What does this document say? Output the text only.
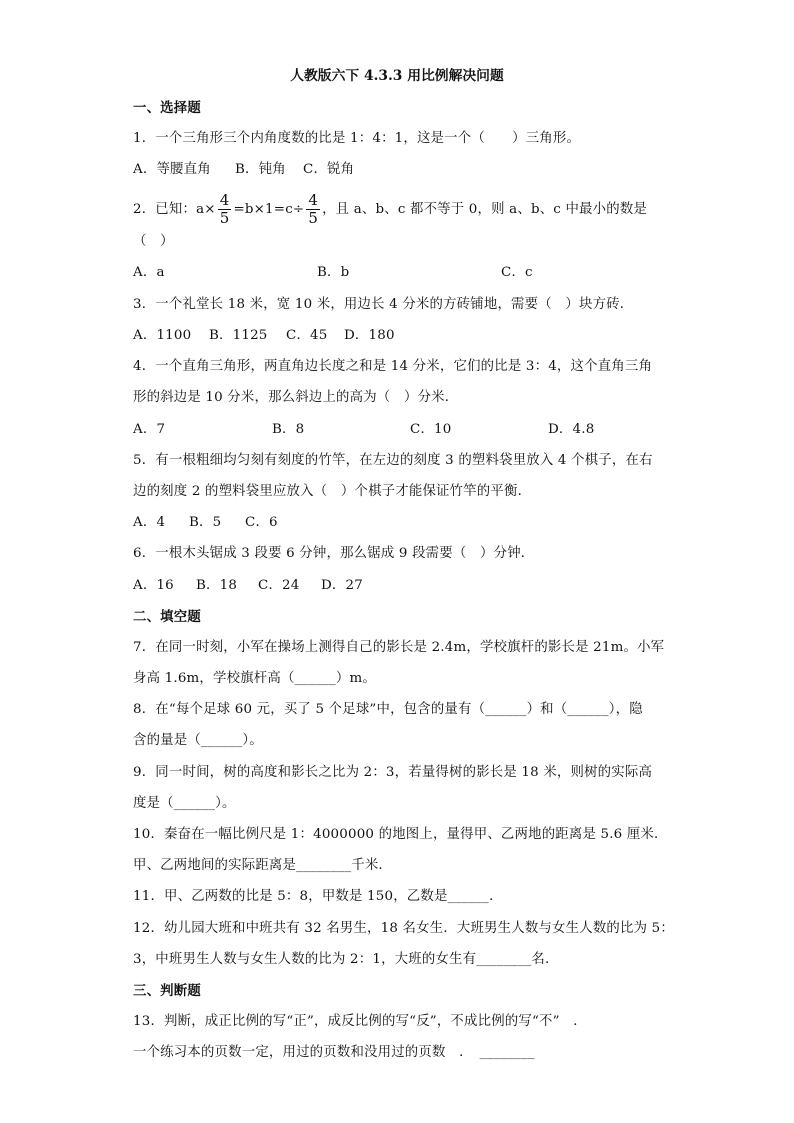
人教版六下 4.3.3 用比例解决问题
一、选择题
1．一个三角形三个内角度数的比是 1：4：1，这是一个（　　）三角形。
A．等腰直角 B．钝角 C．锐角
2．已知：$a\times \frac{4}{5} =b\times 1=c\div \frac{4}{5}$ ，且 a、b、c 都不等于 0，则 a、b、c 中最小的数是
（　）
A．a	B．b	C．c
3．一个礼堂长 18 米，宽 10 米，用边长 4 分米的方砖铺地，需要（　）块方砖．
A．1100 B．1125 C．45 D．180
4．一个直角三角形，两直角边长度之和是 14 分米，它们的比是 3：4，这个直角三角
形的斜边是 10 分米，那么斜边上的高为（　）分米．
A．7	B．8	C．10	D．4.8
5．有一根粗细均匀刻有刻度的竹竿，在左边的刻度 3 的塑料袋里放入 4 个棋子，在右
边的刻度 2 的塑料袋里应放入（　）个棋子才能保证竹竿的平衡．
A．4 B．5 C．6
6．一根木头锯成 3 段要 6 分钟，那么锯成 9 段需要（　）分钟．
A．16 B．18 C．24 D．27
二、填空题
7．在同一时刻，小军在操场上测得自己的影长是 2.4m，学校旗杆的影长是 21m。小军
身高 1.6m，学校旗杆高（______）m。
8．在“每个足球 60 元，买了 5 个足球”中，包含的量有（______）和（______），隐
含的量是（______）。
9．同一时间，树的高度和影长之比为 2：3，若量得树的影长是 18 米，则树的实际高
度是（______）。
10．秦奋在一幅比例尺是 1：4000000 的地图上，量得甲、乙两地的距离是 5.6 厘米．
甲、乙两地间的实际距离是________千米．
11．甲、乙两数的比是 5：8，甲数是 150，乙数是______.
12．幼儿园大班和中班共有 32 名男生，18 名女生．大班男生人数与女生人数的比为 5：
3，中班男生人数与女生人数的比为 2：1，大班的女生有________名.
三、判断题
13．判断，成正比例的写“正”，成反比例的写“反”，不成比例的写“不”　．
一个练习本的页数一定，用过的页数和没用过的页数　．　________
